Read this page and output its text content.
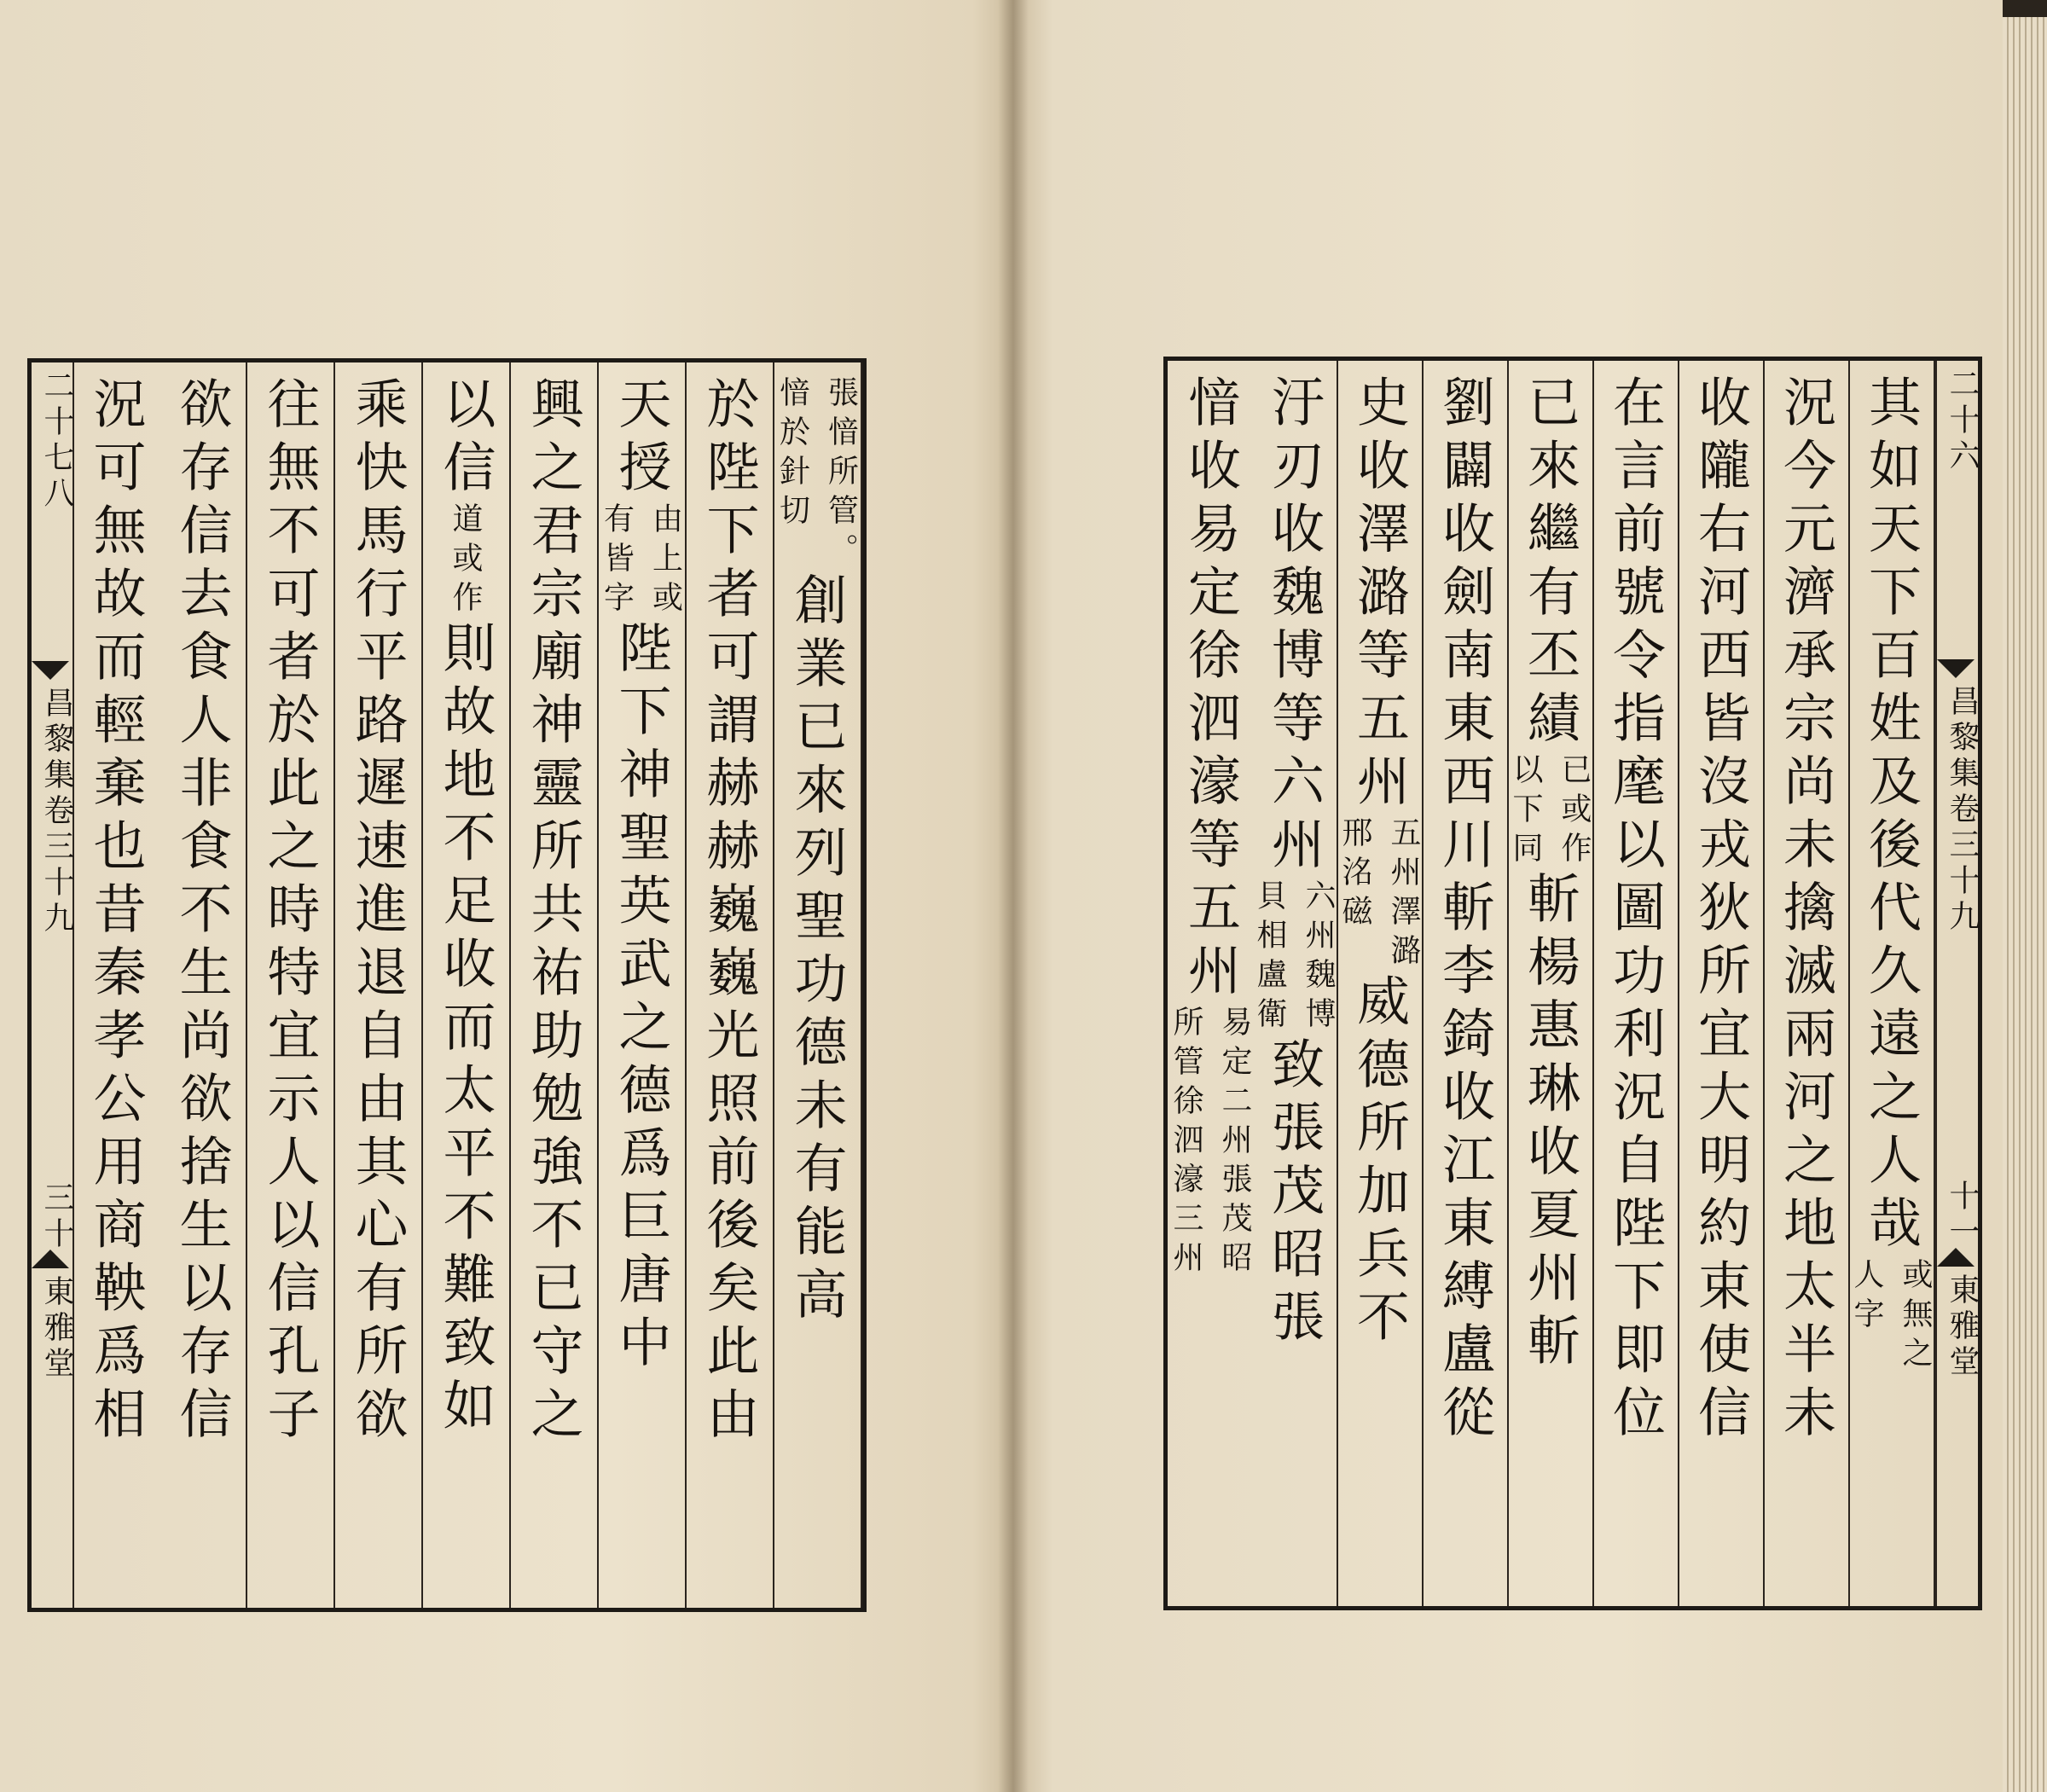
二十七八
昌黎集卷三十九
三十
東雅堂
張愔所管。
愔於針切
創業已來列聖功德未有能高
於陛下者可謂赫赫巍巍光照前後矣此由
天授
由上或
有皆字
陛下神聖英武之德爲巨唐中
興之君宗廟神靈所共祐助勉強不已守之
以信
道或作
則故地不足收而太平不難致如
乘快馬行平路遲速進退自由其心有所欲
往無不可者於此之時特宜示人以信孔子
欲存信去食人非食不生尚欲捨生以存信
況可無故而輕棄也昔秦孝公用商鞅爲相	其如天下百姓及後代久遠之人哉
或無之
人字
況今元濟承宗尚未擒滅兩河之地太半未
收隴右河西皆沒戎狄所宜大明約束使信
在言前號令指麾以圖功利況自陛下即位
已來繼有丕績
已或作
以下同
斬楊惠琳收夏州斬
劉闢收劍南東西川斬李錡收江東縛盧從
史收澤潞等五州
五州澤潞
邢洺磁
威德所加兵不
汙刃收魏博等六州
六州魏博
貝相盧衛
致張茂昭張
愔收易定徐泗濠等五州
易定二州張茂昭
所管徐泗濠三州
二十六
昌黎集卷三十九
十一
東雅堂
